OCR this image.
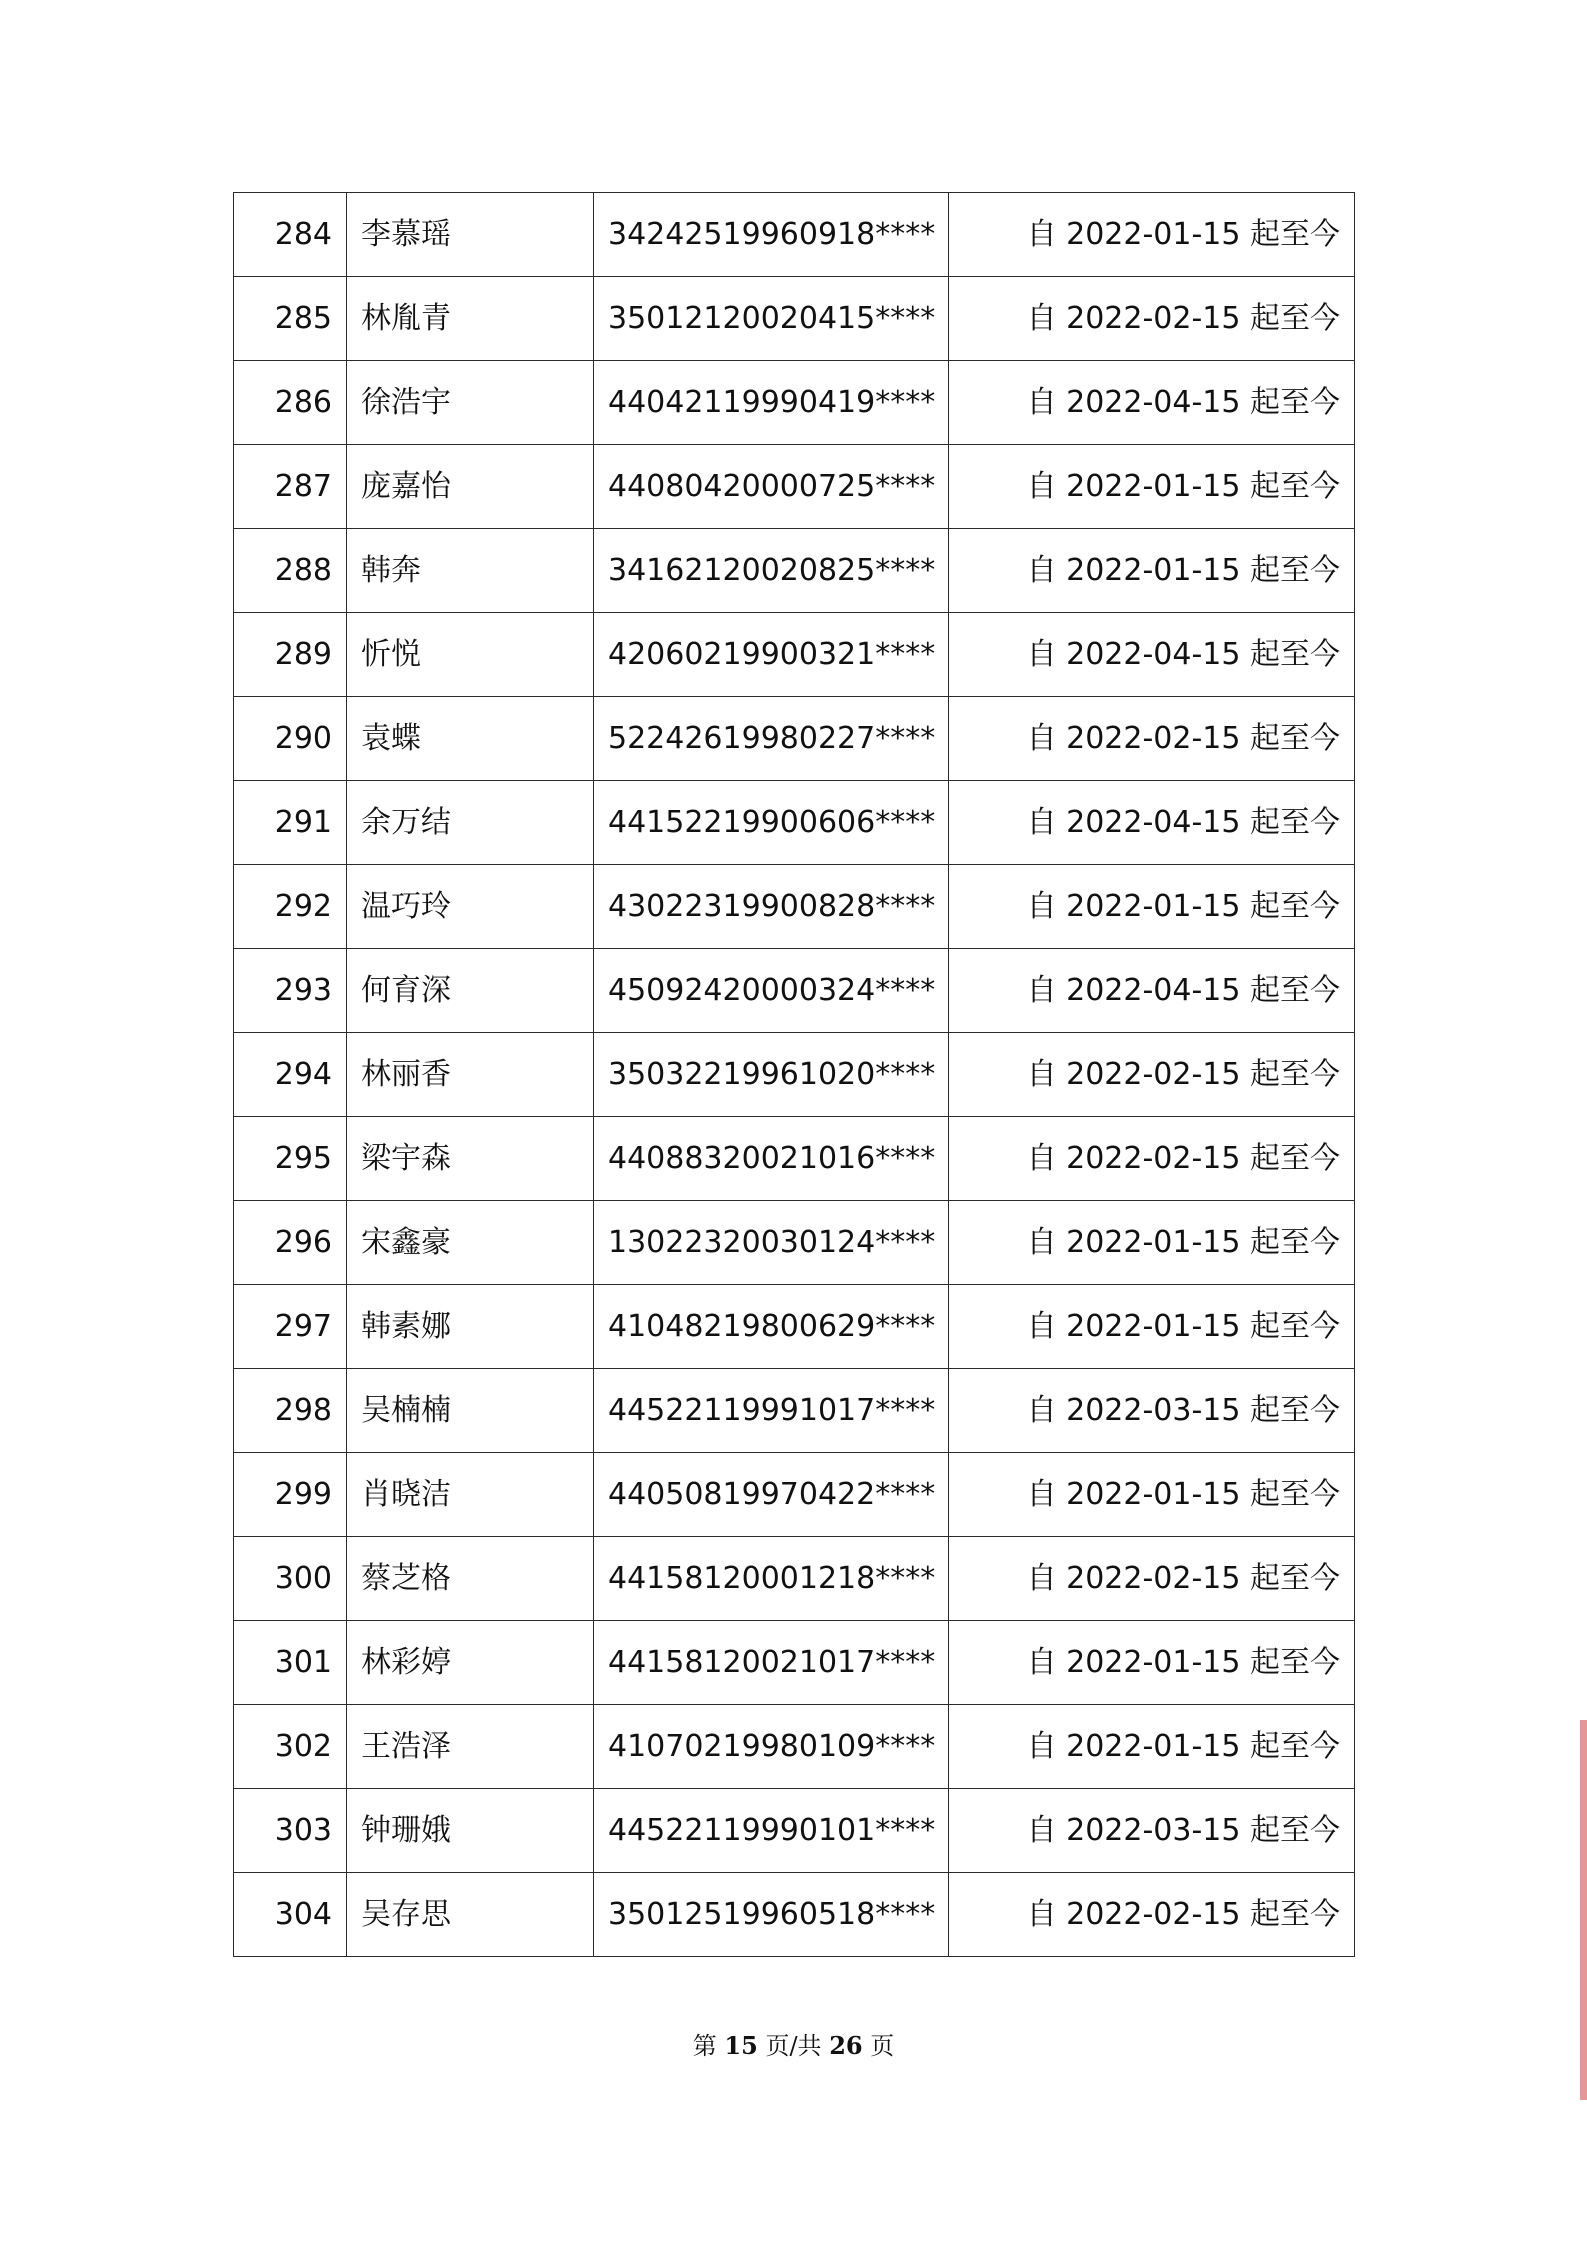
284	李慕瑶	34242519960918****	自 2022-01-15 起至今
285	林胤青	35012120020415****	自 2022-02-15 起至今
286	徐浩宇	44042119990419****	自 2022-04-15 起至今
287	庞嘉怡	44080420000725****	自 2022-01-15 起至今
288	韩奔	34162120020825****	自 2022-01-15 起至今
289	忻悦	42060219900321****	自 2022-04-15 起至今
290	袁蝶	52242619980227****	自 2022-02-15 起至今
291	余万结	44152219900606****	自 2022-04-15 起至今
292	温巧玲	43022319900828****	自 2022-01-15 起至今
293	何育深	45092420000324****	自 2022-04-15 起至今
294	林丽香	35032219961020****	自 2022-02-15 起至今
295	梁宇森	44088320021016****	自 2022-02-15 起至今
296	宋鑫豪	13022320030124****	自 2022-01-15 起至今
297	韩素娜	41048219800629****	自 2022-01-15 起至今
298	吴楠楠	44522119991017****	自 2022-03-15 起至今
299	肖晓洁	44050819970422****	自 2022-01-15 起至今
300	蔡芝格	44158120001218****	自 2022-02-15 起至今
301	林彩婷	44158120021017****	自 2022-01-15 起至今
302	王浩泽	41070219980109****	自 2022-01-15 起至今
303	钟珊娥	44522119990101****	自 2022-03-15 起至今
304	吴存思	35012519960518****	自 2022-02-15 起至今
第 15 页/共 26 页
